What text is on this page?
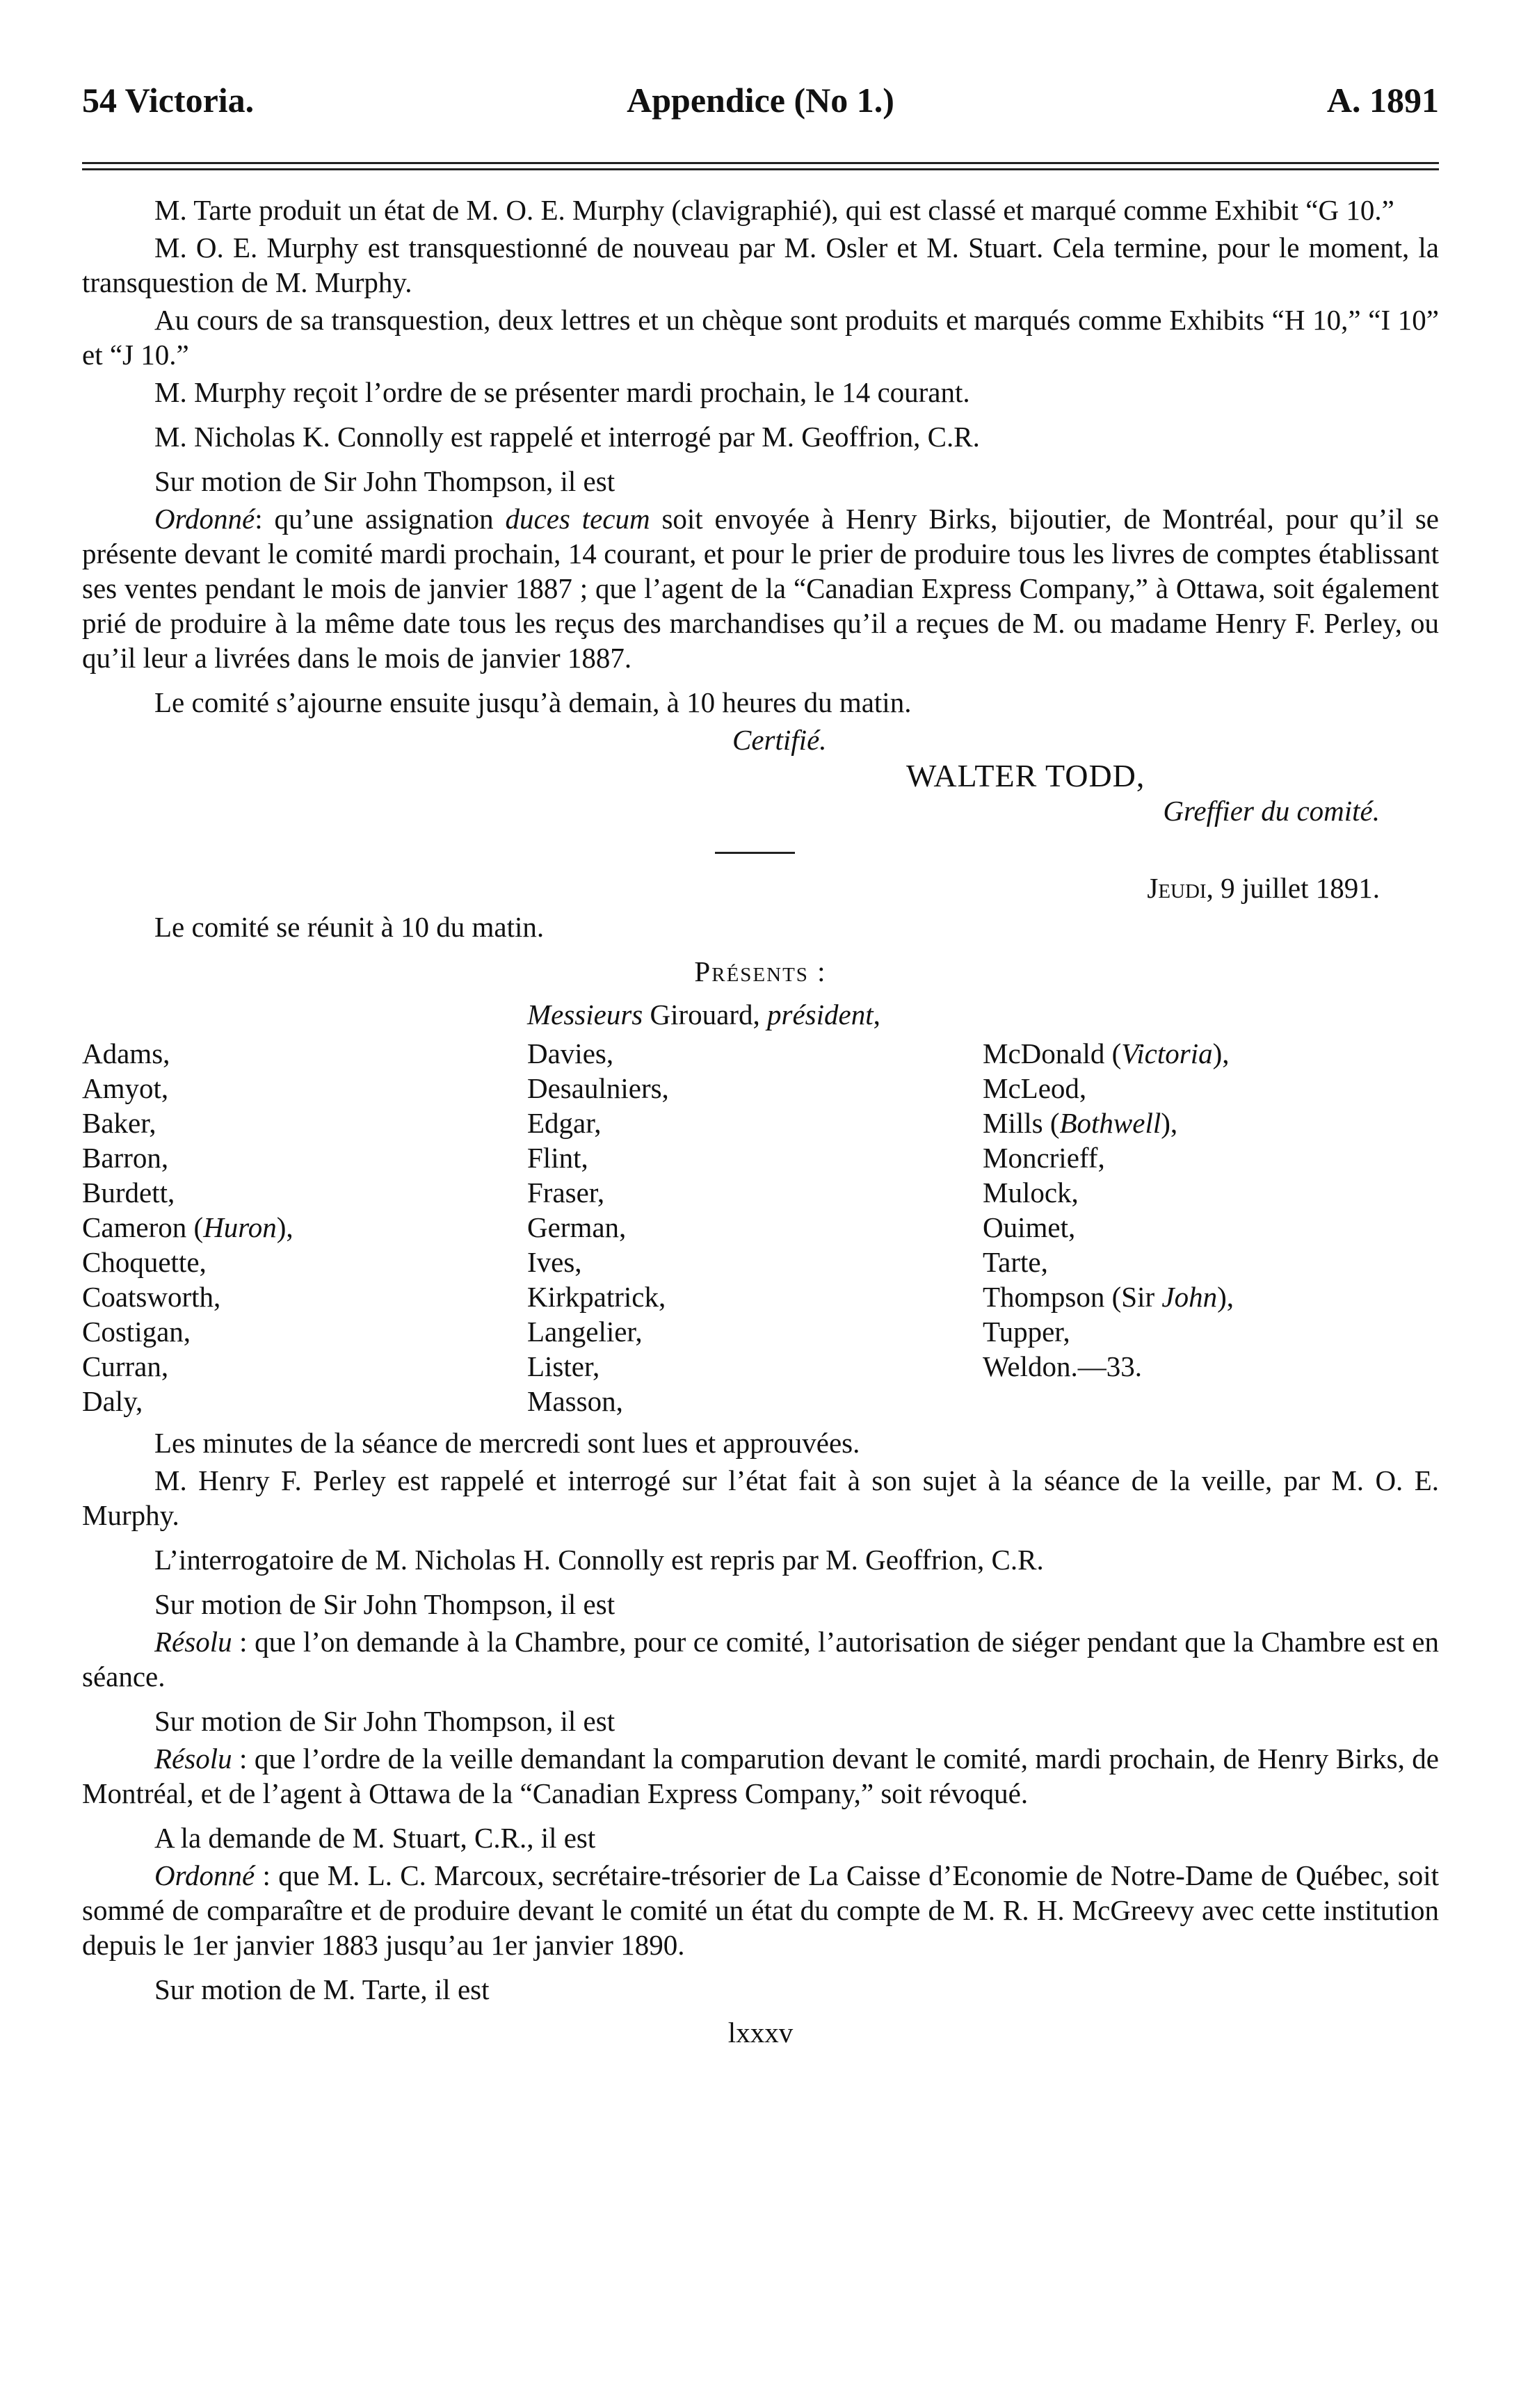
54 Victoria.	Appendice (No 1.)	A. 1891

M. Tarte produit un état de M. O. E. Murphy (clavigraphié), qui est classé et marqué comme Exhibit “G 10.”

M. O. E. Murphy est transquestionné de nouveau par M. Osler et M. Stuart. Cela termine, pour le moment, la transquestion de M. Murphy.

Au cours de sa transquestion, deux lettres et un chèque sont produits et marqués comme Exhibits “H 10,” “I 10” et “J 10.”

M. Murphy reçoit l’ordre de se présenter mardi prochain, le 14 courant.

M. Nicholas K. Connolly est rappelé et interrogé par M. Geoffrion, C.R.

Sur motion de Sir John Thompson, il est

Ordonné: qu’une assignation duces tecum soit envoyée à Henry Birks, bijoutier, de Montréal, pour qu’il se présente devant le comité mardi prochain, 14 courant, et pour le prier de produire tous les livres de comptes établissant ses ventes pendant le mois de janvier 1887 ; que l’agent de la “Canadian Express Company,” à Ottawa, soit également prié de produire à la même date tous les reçus des marchandises qu’il a reçues de M. ou madame Henry F. Perley, ou qu’il leur a livrées dans le mois de janvier 1887.

Le comité s’ajourne ensuite jusqu’à demain, à 10 heures du matin.

Certifié.

WALTER TODD,

Greffier du comité.

Jeudi, 9 juillet 1891.

Le comité se réunit à 10 du matin.

Présents :

Messieurs Girouard, président,

Adams,
Amyot,
Baker,
Barron,
Burdett,
Cameron (Huron),
Choquette,
Coatsworth,
Costigan,
Curran,
Daly,
Davies,
Desaulniers,
Edgar,
Flint,
Fraser,
German,
Ives,
Kirkpatrick,
Langelier,
Lister,
Masson,
McDonald (Victoria),
McLeod,
Mills (Bothwell),
Moncrieff,
Mulock,
Ouimet,
Tarte,
Thompson (Sir John),
Tupper,
Weldon.—33.

Les minutes de la séance de mercredi sont lues et approuvées.

M. Henry F. Perley est rappelé et interrogé sur l’état fait à son sujet à la séance de la veille, par M. O. E. Murphy.

L’interrogatoire de M. Nicholas H. Connolly est repris par M. Geoffrion, C.R.

Sur motion de Sir John Thompson, il est

Résolu : que l’on demande à la Chambre, pour ce comité, l’autorisation de siéger pendant que la Chambre est en séance.

Sur motion de Sir John Thompson, il est

Résolu : que l’ordre de la veille demandant la comparution devant le comité, mardi prochain, de Henry Birks, de Montréal, et de l’agent à Ottawa de la “Canadian Express Company,” soit révoqué.

A la demande de M. Stuart, C.R., il est

Ordonné : que M. L. C. Marcoux, secrétaire-trésorier de La Caisse d’Economie de Notre-Dame de Québec, soit sommé de comparaître et de produire devant le comité un état du compte de M. R. H. McGreevy avec cette institution depuis le 1er janvier 1883 jusqu’au 1er janvier 1890.

Sur motion de M. Tarte, il est

lxxxv
